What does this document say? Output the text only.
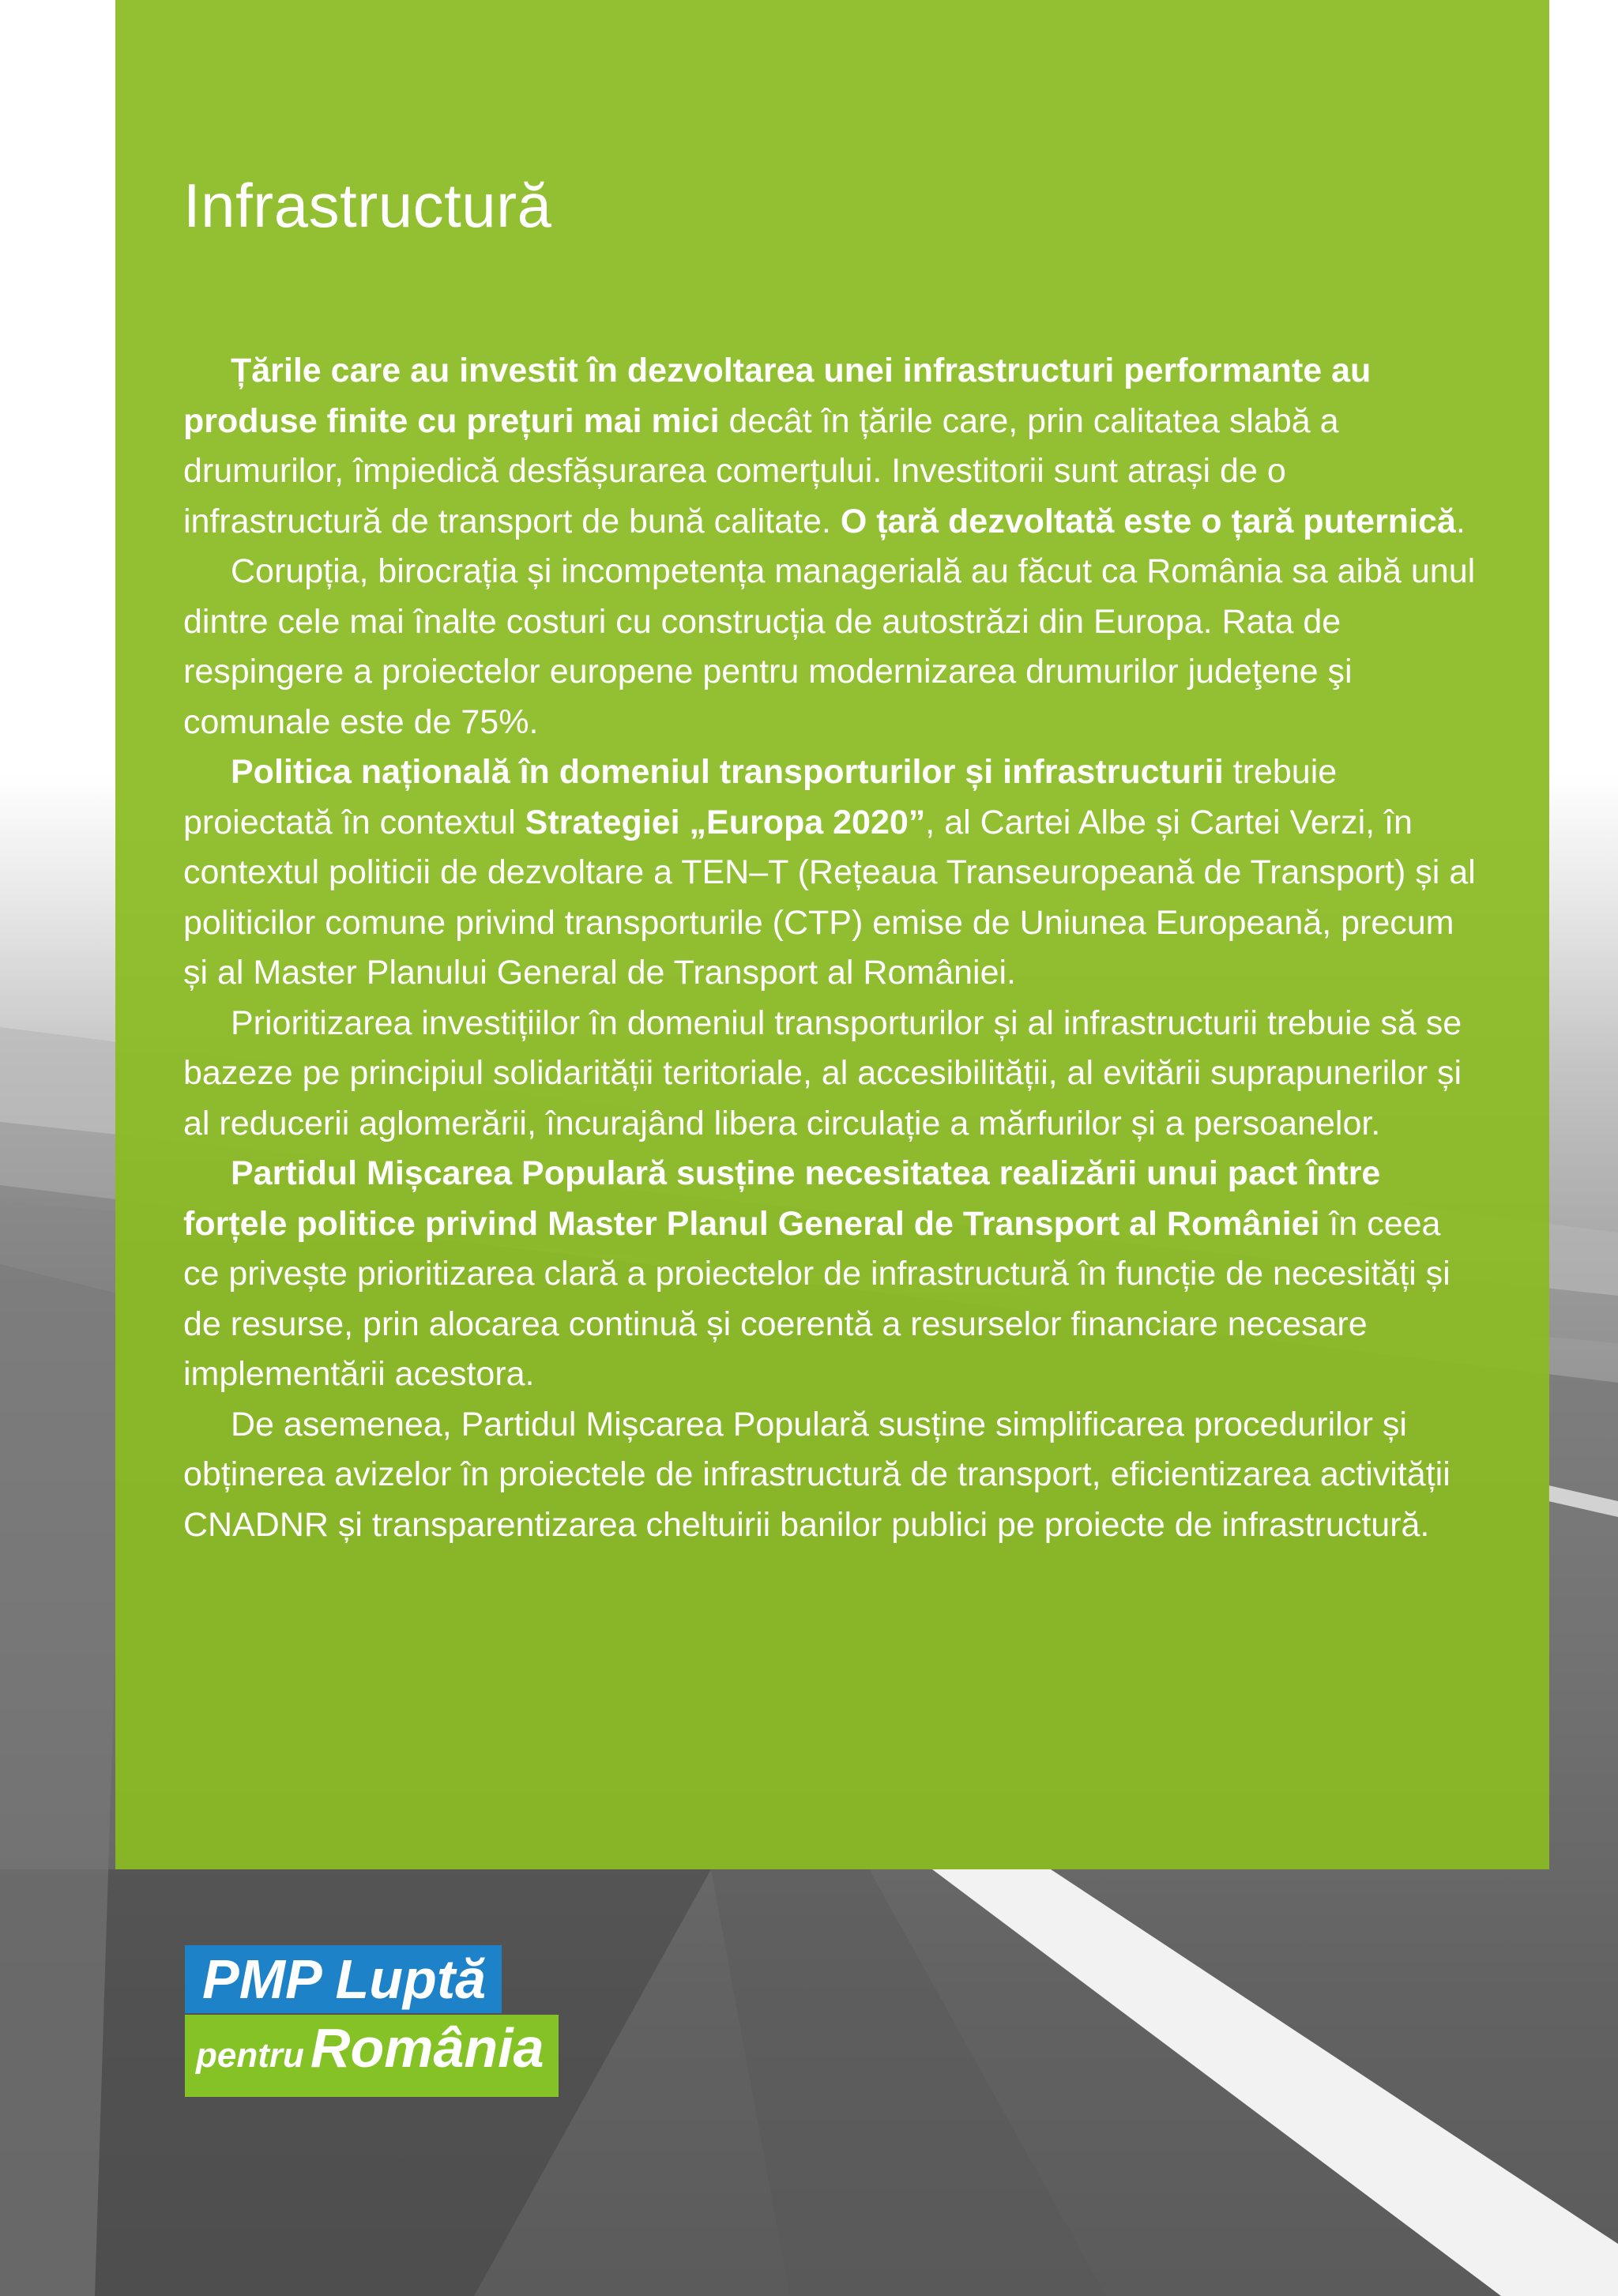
Infrastructură

Țările care au investit în dezvoltarea unei infrastructuri performante au produse finite cu prețuri mai mici decât în țările care, prin calitatea slabă a drumurilor, împiedică desfășurarea comerțului. Investitorii sunt atrași de o infrastructură de transport de bună calitate. O țară dezvoltată este o țară puternică.

Corupția, birocrația și incompetența managerială au făcut ca România sa aibă unul dintre cele mai înalte costuri cu construcția de autostrăzi din Europa. Rata de respingere a proiectelor europene pentru modernizarea drumurilor judeţene şi comunale este de 75%.

Politica națională în domeniul transporturilor și infrastructurii trebuie proiectată în contextul Strategiei „Europa 2020”, al Cartei Albe și Cartei Verzi, în contextul politicii de dezvoltare a TEN–T (Rețeaua Transeuropeană de Transport) și al politicilor comune privind transporturile (CTP) emise de Uniunea Europeană, precum și al Master Planului General de Transport al României.

Prioritizarea investițiilor în domeniul transporturilor și al infrastructurii trebuie să se bazeze pe principiul solidarității teritoriale, al accesibilității, al evitării suprapunerilor și al reducerii aglomerării, încurajând libera circulație a mărfurilor și a persoanelor.

Partidul Mișcarea Populară susține necesitatea realizării unui pact între forțele politice privind Master Planul General de Transport al României în ceea ce privește prioritizarea clară a proiectelor de infrastructură în funcție de necesități și de resurse, prin alocarea continuă și coerentă a resurselor financiare necesare implementării acestora.

De asemenea, Partidul Mișcarea Populară susține simplificarea procedurilor și obținerea avizelor în proiectele de infrastructură de transport, eficientizarea activității CNADNR și transparentizarea cheltuirii banilor publici pe proiecte de infrastructură.

PMP Luptă
pentru România
